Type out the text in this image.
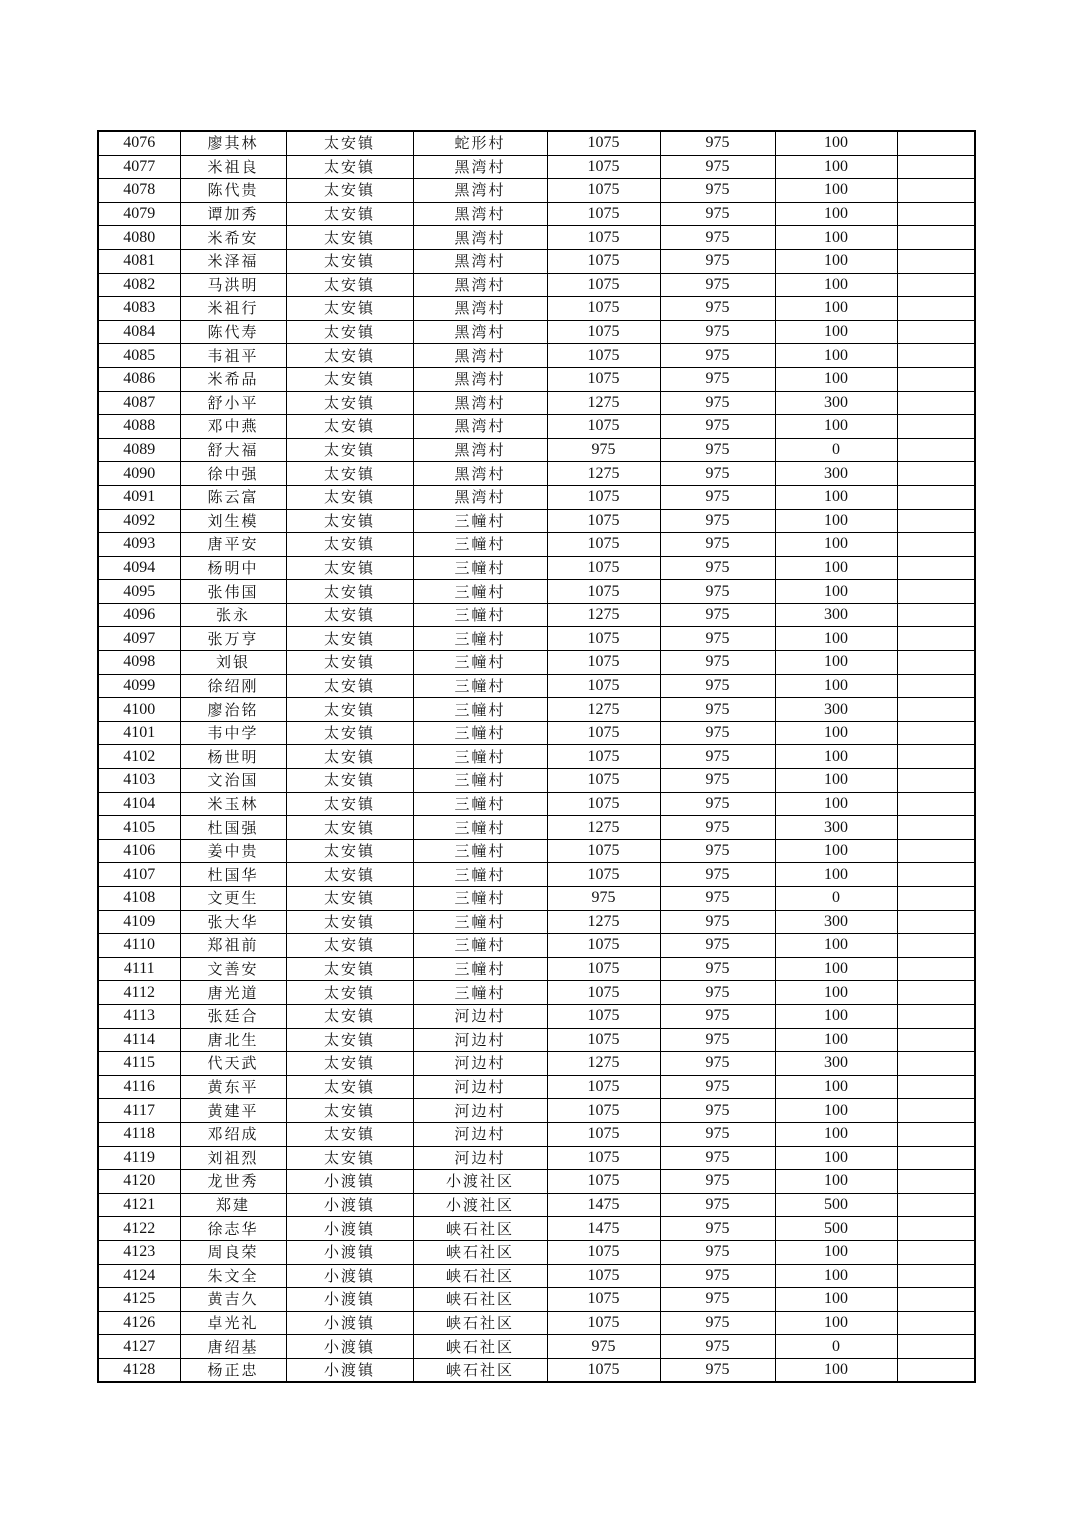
4076	廖其林	太安镇	蛇形村	1075	975	100	
4077	米祖良	太安镇	黑湾村	1075	975	100	
4078	陈代贵	太安镇	黑湾村	1075	975	100	
4079	谭加秀	太安镇	黑湾村	1075	975	100	
4080	米希安	太安镇	黑湾村	1075	975	100	
4081	米泽福	太安镇	黑湾村	1075	975	100	
4082	马洪明	太安镇	黑湾村	1075	975	100	
4083	米祖行	太安镇	黑湾村	1075	975	100	
4084	陈代寿	太安镇	黑湾村	1075	975	100	
4085	韦祖平	太安镇	黑湾村	1075	975	100	
4086	米希品	太安镇	黑湾村	1075	975	100	
4087	舒小平	太安镇	黑湾村	1275	975	300	
4088	邓中燕	太安镇	黑湾村	1075	975	100	
4089	舒大福	太安镇	黑湾村	975	975	0	
4090	徐中强	太安镇	黑湾村	1275	975	300	
4091	陈云富	太安镇	黑湾村	1075	975	100	
4092	刘生模	太安镇	三幢村	1075	975	100	
4093	唐平安	太安镇	三幢村	1075	975	100	
4094	杨明中	太安镇	三幢村	1075	975	100	
4095	张伟国	太安镇	三幢村	1075	975	100	
4096	张永	太安镇	三幢村	1275	975	300	
4097	张万亨	太安镇	三幢村	1075	975	100	
4098	刘银	太安镇	三幢村	1075	975	100	
4099	徐绍刚	太安镇	三幢村	1075	975	100	
4100	廖治铭	太安镇	三幢村	1275	975	300	
4101	韦中学	太安镇	三幢村	1075	975	100	
4102	杨世明	太安镇	三幢村	1075	975	100	
4103	文治国	太安镇	三幢村	1075	975	100	
4104	米玉林	太安镇	三幢村	1075	975	100	
4105	杜国强	太安镇	三幢村	1275	975	300	
4106	姜中贵	太安镇	三幢村	1075	975	100	
4107	杜国华	太安镇	三幢村	1075	975	100	
4108	文更生	太安镇	三幢村	975	975	0	
4109	张大华	太安镇	三幢村	1275	975	300	
4110	郑祖前	太安镇	三幢村	1075	975	100	
4111	文善安	太安镇	三幢村	1075	975	100	
4112	唐光道	太安镇	三幢村	1075	975	100	
4113	张廷合	太安镇	河边村	1075	975	100	
4114	唐北生	太安镇	河边村	1075	975	100	
4115	代天武	太安镇	河边村	1275	975	300	
4116	黄东平	太安镇	河边村	1075	975	100	
4117	黄建平	太安镇	河边村	1075	975	100	
4118	邓绍成	太安镇	河边村	1075	975	100	
4119	刘祖烈	太安镇	河边村	1075	975	100	
4120	龙世秀	小渡镇	小渡社区	1075	975	100	
4121	郑建	小渡镇	小渡社区	1475	975	500	
4122	徐志华	小渡镇	峡石社区	1475	975	500	
4123	周良荣	小渡镇	峡石社区	1075	975	100	
4124	朱文全	小渡镇	峡石社区	1075	975	100	
4125	黄吉久	小渡镇	峡石社区	1075	975	100	
4126	卓光礼	小渡镇	峡石社区	1075	975	100	
4127	唐绍基	小渡镇	峡石社区	975	975	0	
4128	杨正忠	小渡镇	峡石社区	1075	975	100	
